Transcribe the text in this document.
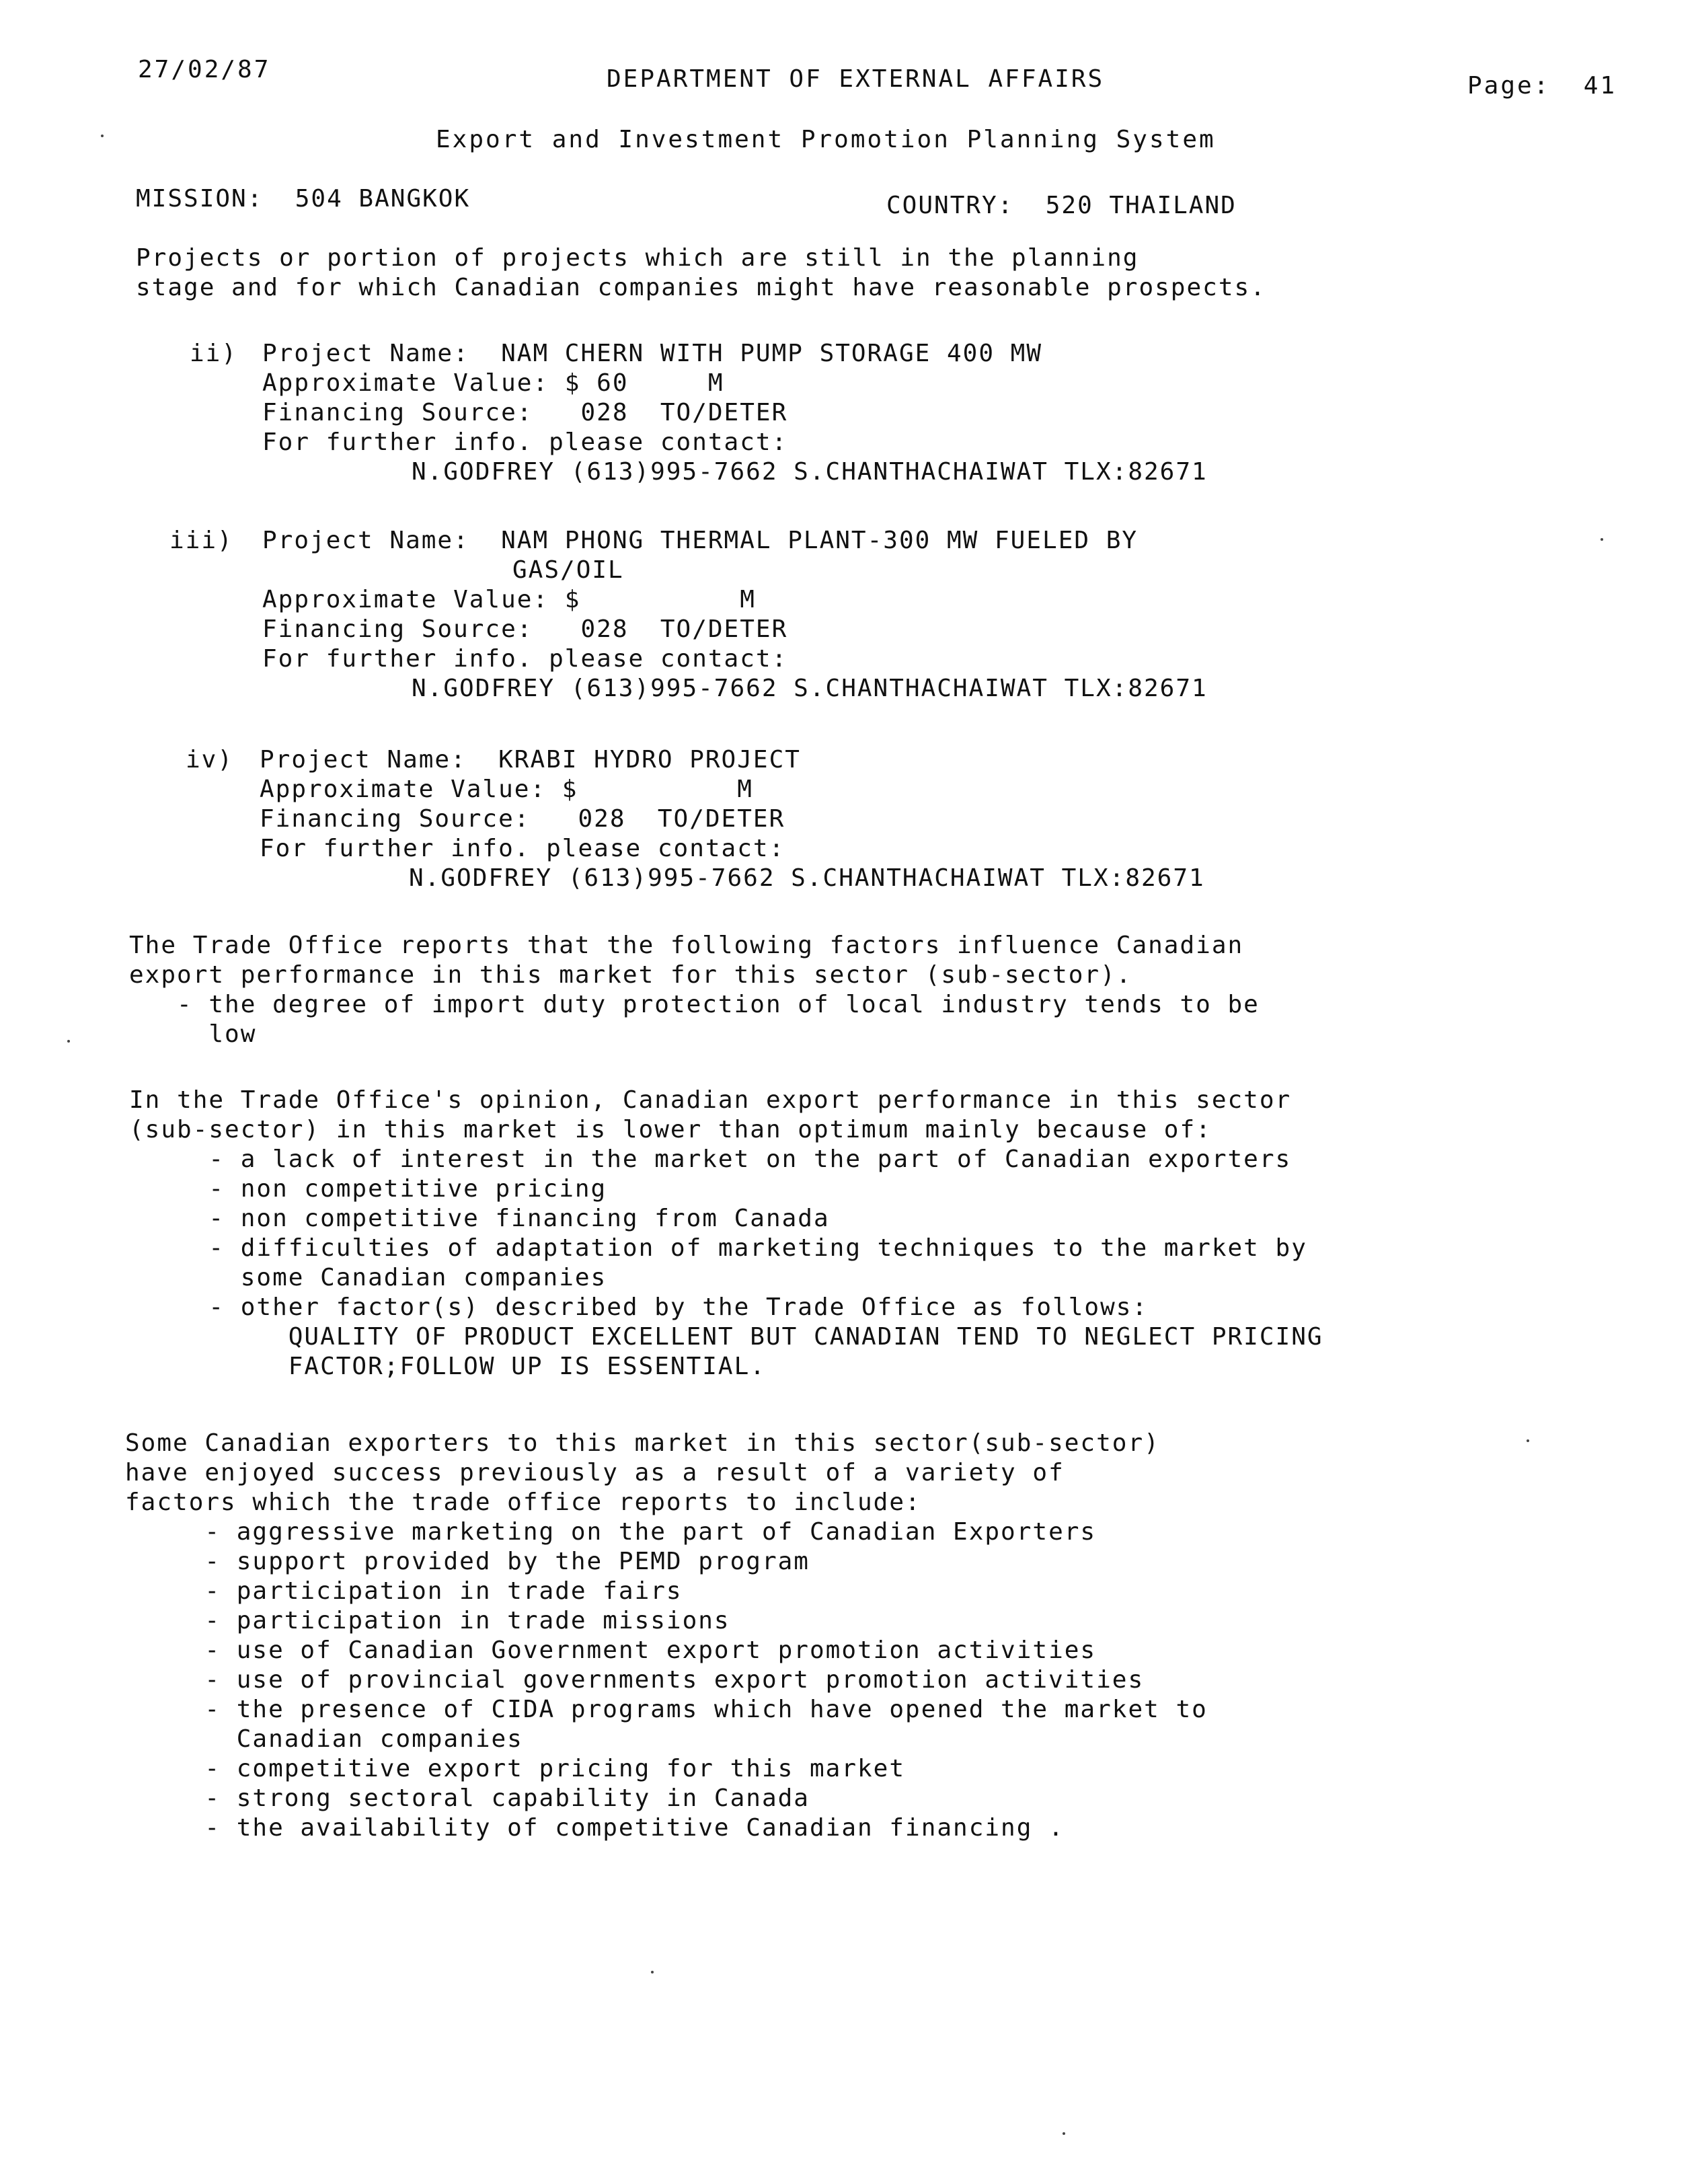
27/02/87	DEPARTMENT OF EXTERNAL AFFAIRS	Page:  41
Export and Investment Promotion Planning System
MISSION:  504 BANGKOK	COUNTRY:  520 THAILAND
Projects or portion of projects which are still in the planning
stage and for which Canadian companies might have reasonable prospects.
ii) Project Name:  NAM CHERN WITH PUMP STORAGE 400 MW
Approximate Value: $ 60     M
Financing Source:   028  TO/DETER
For further info. please contact:
N.GODFREY (613)995-7662 S.CHANTHACHAIWAT TLX:82671
iii) Project Name:  NAM PHONG THERMAL PLANT-300 MW FUELED BY
GAS/OIL
Approximate Value: $          M
Financing Source:   028  TO/DETER
For further info. please contact:
N.GODFREY (613)995-7662 S.CHANTHACHAIWAT TLX:82671
iv) Project Name:  KRABI HYDRO PROJECT
Approximate Value: $          M
Financing Source:   028  TO/DETER
For further info. please contact:
N.GODFREY (613)995-7662 S.CHANTHACHAIWAT TLX:82671
The Trade Office reports that the following factors influence Canadian
export performance in this market for this sector (sub-sector).
- the degree of import duty protection of local industry tends to be
low
In the Trade Office's opinion, Canadian export performance in this sector
(sub-sector) in this market is lower than optimum mainly because of:
- a lack of interest in the market on the part of Canadian exporters
- non competitive pricing
- non competitive financing from Canada
- difficulties of adaptation of marketing techniques to the market by
some Canadian companies
- other factor(s) described by the Trade Office as follows:
QUALITY OF PRODUCT EXCELLENT BUT CANADIAN TEND TO NEGLECT PRICING
FACTOR;FOLLOW UP IS ESSENTIAL.
Some Canadian exporters to this market in this sector(sub-sector)
have enjoyed success previously as a result of a variety of
factors which the trade office reports to include:
- aggressive marketing on the part of Canadian Exporters
- support provided by the PEMD program
- participation in trade fairs
- participation in trade missions
- use of Canadian Government export promotion activities
- use of provincial governments export promotion activities
- the presence of CIDA programs which have opened the market to
Canadian companies
- competitive export pricing for this market
- strong sectoral capability in Canada
- the availability of competitive Canadian financing .
